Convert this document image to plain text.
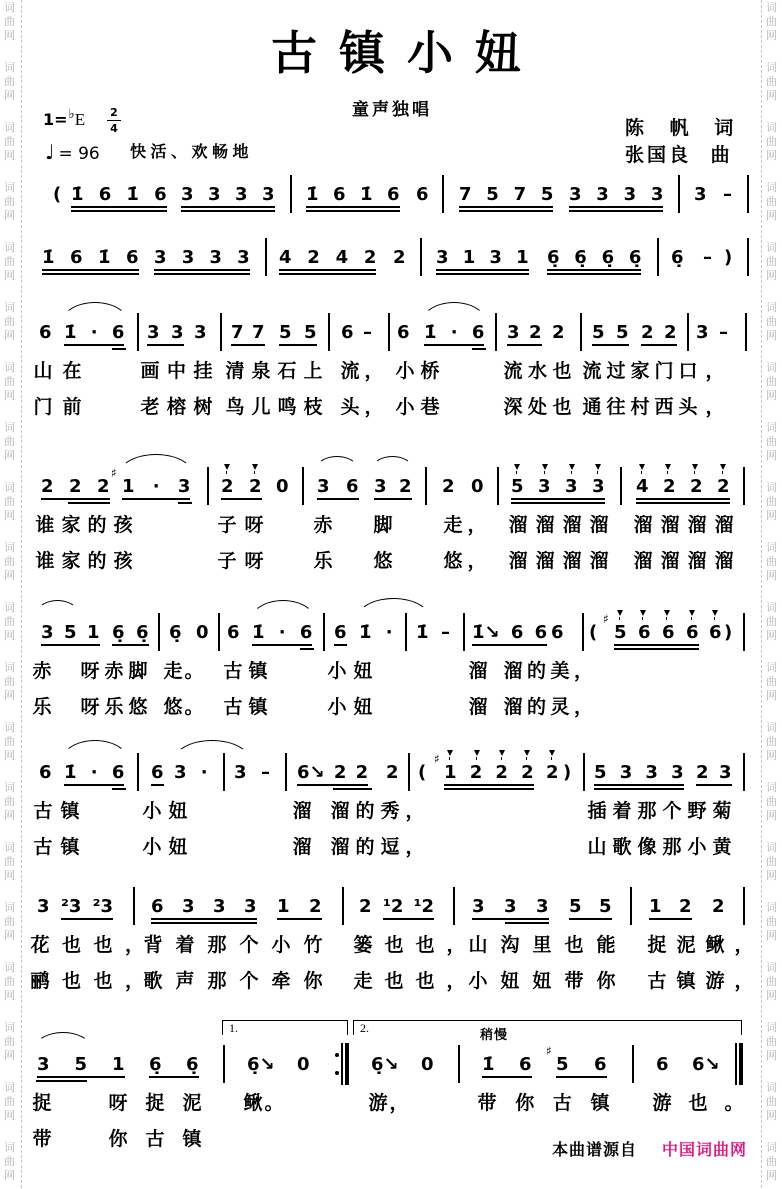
词曲网
词曲网
词曲网
词曲网
词曲网
词曲网
词曲网
词曲网
词曲网
词曲网
词曲网
词曲网
词曲网
词曲网
词曲网
词曲网
词曲网
词曲网
词曲网
词曲网
词曲网
词曲网
词曲网
词曲网
词曲网
词曲网
词曲网
词曲网
词曲网
词曲网
词曲网
词曲网
词曲网
词曲网
词曲网
词曲网
词曲网
词曲网
词曲网
词曲网
古镇小妞
童声独唱
$1=^♭E \frac{2}{4}$
♩ = 96 快活、欢畅地
陈 帆 词
张国良 曲
( 1̇ 6 1̇ 6 3 3 3 3 1̇ 6 1̇ 6 6 7 5 7 5 3 3 3 3 3 –
1̇ 6 1̇ 6 3 3 3 3 4 2 4 2 2 3 1 3 1 6̣ 6̣ 6̣ 6̣ 6̣ – )
6 1̇ · 6 3 3 3 7 7 5 5 6 – 6 1̇ · 6 3 2 2 5 5 2 2 3 –
山在	画中挂 清泉石上 流， 小桥	流水也 流过家门 口，
门前	老榕树 鸟儿鸣枝 头， 小巷	深处也 通往村西 头，
2 2 2
♯
1 · 3 2 2 0 3 6 3 2 2 0 5 3 3 3 4 2 2 2
谁家的孩	子呀 赤 脚	走， 溜溜溜溜 溜溜溜溜
谁家的孩	子呀 乐 悠	悠， 溜溜溜溜 溜溜溜溜
3 5 1 6̣ 6̣ 6̣ 0 6 1̇ · 6 6 1̇ · 1̇ – 1̇↘ 6 6 6 (
♯
5 6 6 6 6 )
赤 呀赤脚 走。 古镇	小妞	溜 溜的美，
乐 呀乐悠 悠。 古镇	小妞	溜 溜的灵，
6 1̇ · 6 6 3 · 3 – 6↘ 2 2 2 (
♯
1 2 2 2 2 ) 5 3 3 3 2 3
古镇	小妞	溜 溜的秀，	插着那个野菊
古镇	小妞	溜 溜的逗，	山歌像那小黄
3 ²3 ²3 6 3 3 3 1 2 2 ¹2 ¹2 3 3 3 5 5 1 2 2
花也也，
背着那个小竹 篓也也，
山沟里也能 捉泥鳅，
鹂也也，
歌声那个牵你 走也也，
小妞妞带你 古镇游，
1.	2.
3 5 1 6̣ 6̣	6̣↘ 0	6̣↘ 0
稍慢
1̇ 6
♯
5 6	6 6↘
捉	呀捉泥 鳅。	游，	带你古镇 游也。
带	你古镇	本曲谱源自 中国词曲网
